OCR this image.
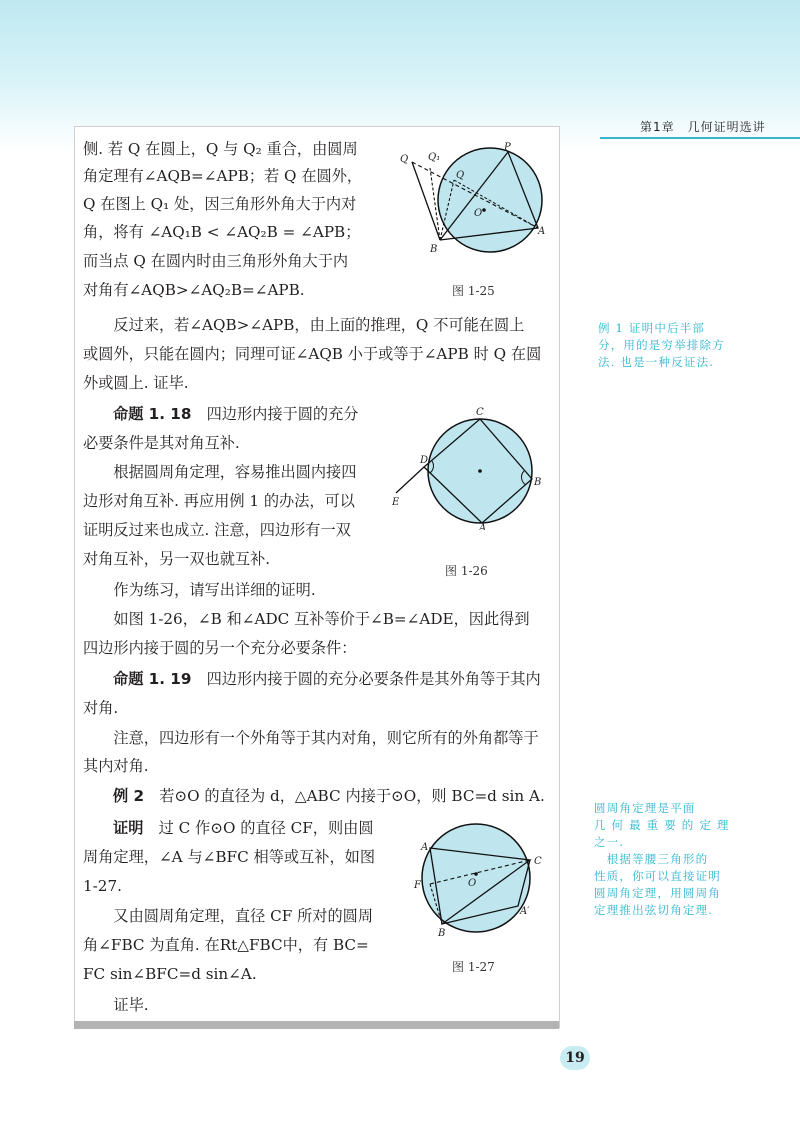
第1章　几何证明选讲
侧. 若 Q 在圆上，Q 与 Q₂ 重合，由圆周
角定理有∠AQB=∠APB；若 Q 在圆外，
Q 在图上 Q₁ 处，因三角形外角大于内对
角，将有 ∠AQ₁B < ∠AQ₂B = ∠APB；
而当点 Q 在圆内时由三角形外角大于内
对角有∠AQB>∠AQ₂B=∠APB.
　　反过来，若∠AQB>∠APB，由上面的推理，Q 不可能在圆上
或圆外，只能在圆内；同理可证∠AQB 小于或等于∠APB 时 Q 在圆
外或圆上. 证毕.
命题 1. 18　四边形内接于圆的充分
必要条件是其对角互补.
　　根据圆周角定理，容易推出圆内接四
边形对角互补. 再应用例 1 的办法，可以
证明反过来也成立. 注意，四边形有一双
对角互补，另一双也就互补.
　　作为练习，请写出详细的证明.
　　如图 1-26，∠B 和∠ADC 互补等价于∠B=∠ADE，因此得到
四边形内接于圆的另一个充分必要条件：
命题 1. 19　四边形内接于圆的充分必要条件是其外角等于其内
对角.
　　注意，四边形有一个外角等于其内对角，则它所有的外角都等于
其内对角.
例 2　若⊙O 的直径为 d，△ABC 内接于⊙O，则 BC=d sin A.
证明　过 C 作⊙O 的直径 CF，则由圆
周角定理，∠A 与∠BFC 相等或互补，如图
1-27.
　　又由圆周角定理，直径 CF 所对的圆周
角∠FBC 为直角. 在Rt△FBC中，有 BC=
FC sin∠BFC=d sin∠A.
　　证毕.
Q Q₁
Q
P
O
B
A
图 1-25
C
D
B
A
E
图 1-26
A
C
F	O
B
A′
图 1-27
例 1 证明中后半部
分，用的是穷举排除方
法. 也是一种反证法.
圆周角定理是平面
几 何 最 重 要 的 定 理
之一.
　根据等腰三角形的
性质，你可以直接证明
圆周角定理，用圆周角
定理推出弦切角定理.
19
